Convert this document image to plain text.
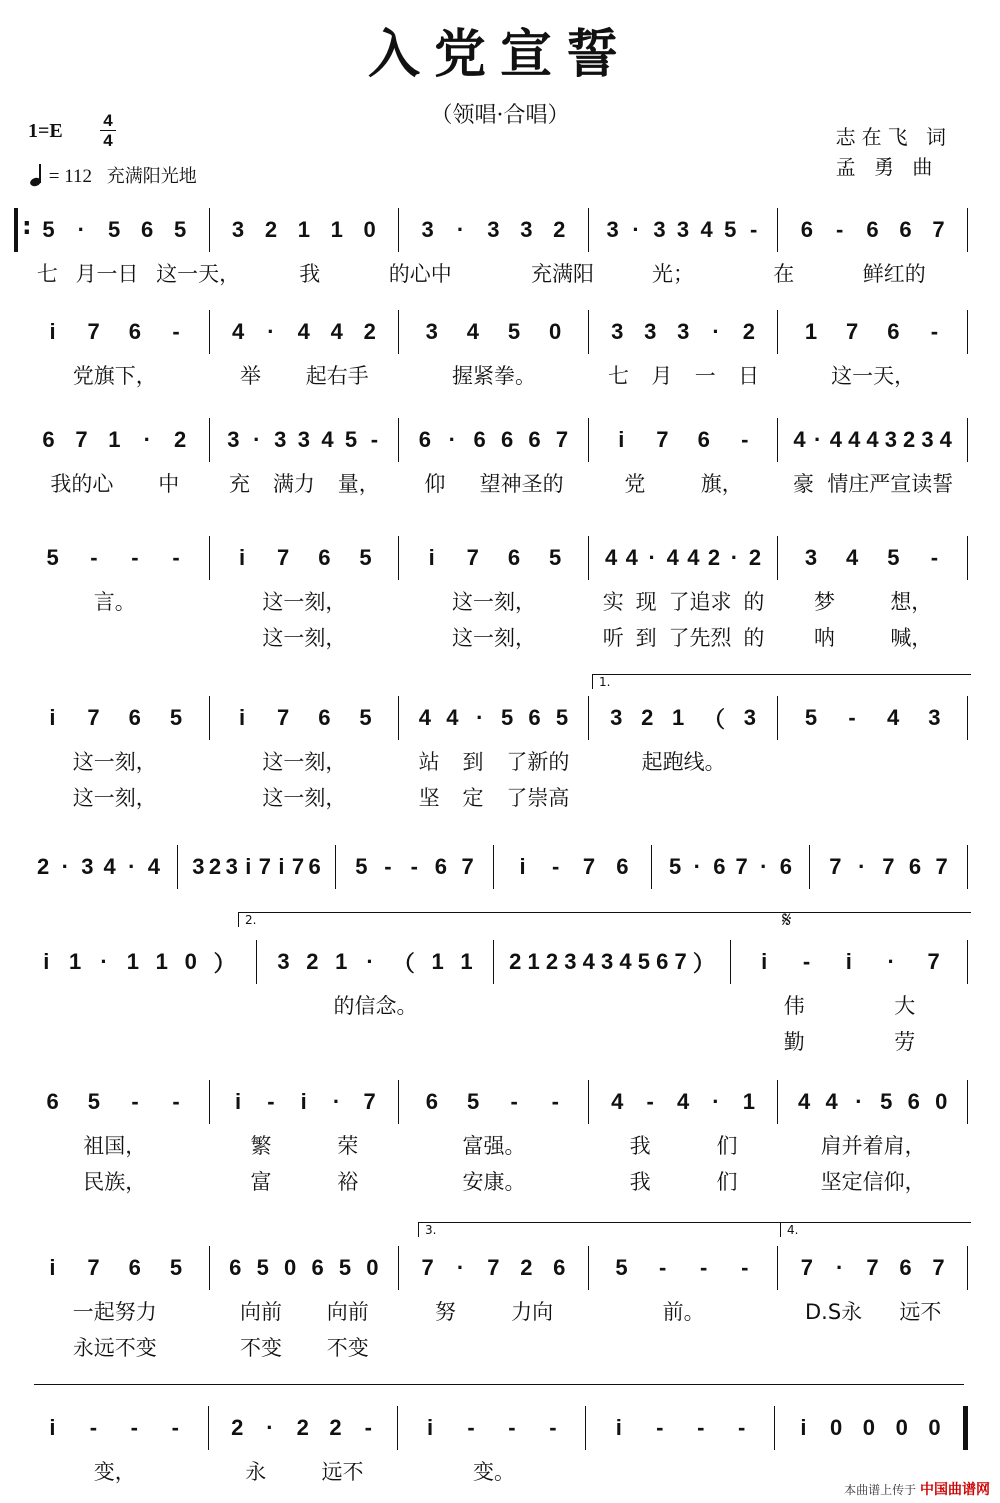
入党宣誓
（领唱·合唱）
1=E 4
4
= 112 充满阳光地
志在飞 词
孟 勇 曲
:
5 · 5 6 5 3 2 1 1 0 3 · 3 3 2 3 · 3 3 4 5 - 6 - 6 6 7
七 月一日 这一天，	我	的心中	充满阳	光；	在	鲜红的
i 7 6 - 4 · 4 4 2 3 4 5 0 3 3 3 · 2 1 7 6 -
党旗下，	举 起右手	握紧拳。	七 月 一 日	这一天，
6 7 1 · 2 3 · 3 3 4 5 - 6 · 6 6 6 7 i 7 6 - 4 · 4 4 4 3 2 3 4
我的心 中 充 满力 量， 仰 望神圣的	党	旗， 豪 情庄严宣读誓
5 - - -	i 7 6 5	i 7 6 5 4 4 · 4 4 2 · 2 3 4 5 -
言。	这一刻，	这一刻，	实 现 了追求 的 梦	想，
这一刻，	这一刻，	听 到 了先烈 的 呐	喊，
i 7 6 5	i 7 6 5 4 4 · 5 6 5 3 2 1 （ 3 5 - 4 3
这一刻，	这一刻，	站 到 了新的	起跑线。
这一刻，	这一刻，	坚 定 了崇高
2 · 3 4 · 4 3 2 3 i 7 i 7 6 5 - - 6 7 i - 7 6 5 · 6 7 · 6 7 · 7 6 7
i 1 · 1 1 0 ） 3 2 1 · （ 1 1 2 1 2 3 4 3 4 5 6 7 ） i - i · 7
的信念。	伟	大
勤	劳
6 5 - -	i - i · 7 6 5 - - 4 - 4 · 1 4 4 · 5 6 0
祖国，	繁	荣	富强。	我	们	肩并着肩，
民族，	富	裕	安康。	我	们	坚定信仰，
i 7 6 5 6 5 0 6 5 0 7 · 7 2 6 5 - - - 7 · 7 6 7
一起努力	向前 向前	努	力向	前。	D.S永 远不
永远不变	不变 不变
i - - - 2 · 2 2 -	i - - -	i - - -	i 0 0 0 0
变，	永	远不	变。
1.
2.
3.	4.
𝄋
本曲谱上传于 中国曲谱网
